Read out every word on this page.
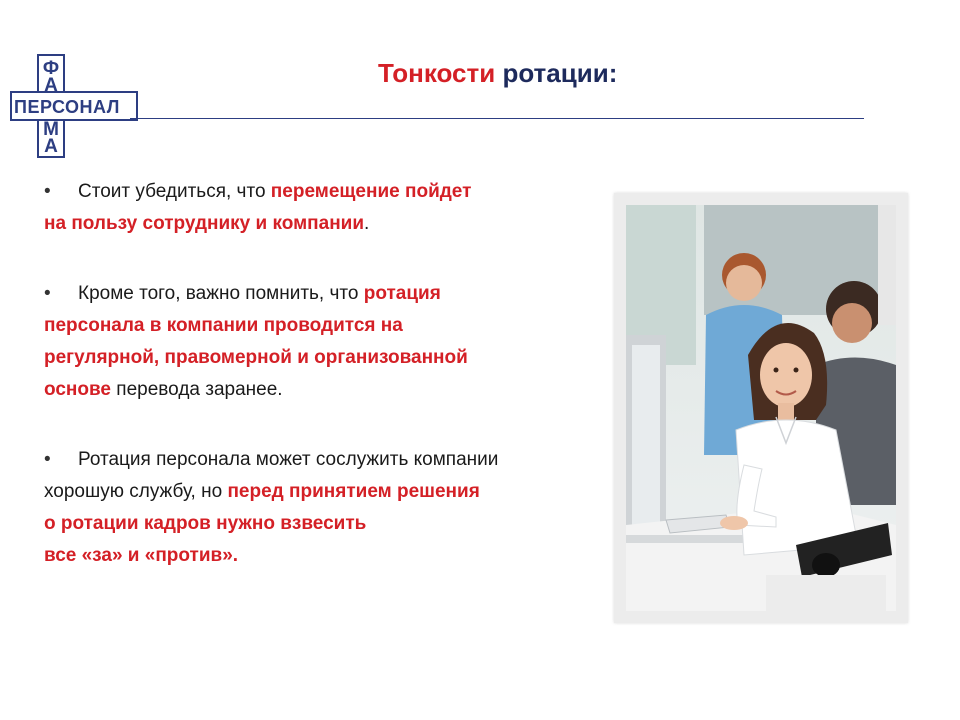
Ф
А
ПЕРСОНАЛ
М
А
Тонкости ротации:
• Стоит убедиться, что перемещение пойдет
на пользу сотруднику и компании.
• Кроме того, важно помнить, что ротация
персонала в компании проводится на
регулярной, правомерной и организованной
основе перевода заранее.
• Ротация персонала может сослужить компании
хорошую службу, но перед принятием решения
о ротации кадров нужно взвесить
все «за» и «против».
